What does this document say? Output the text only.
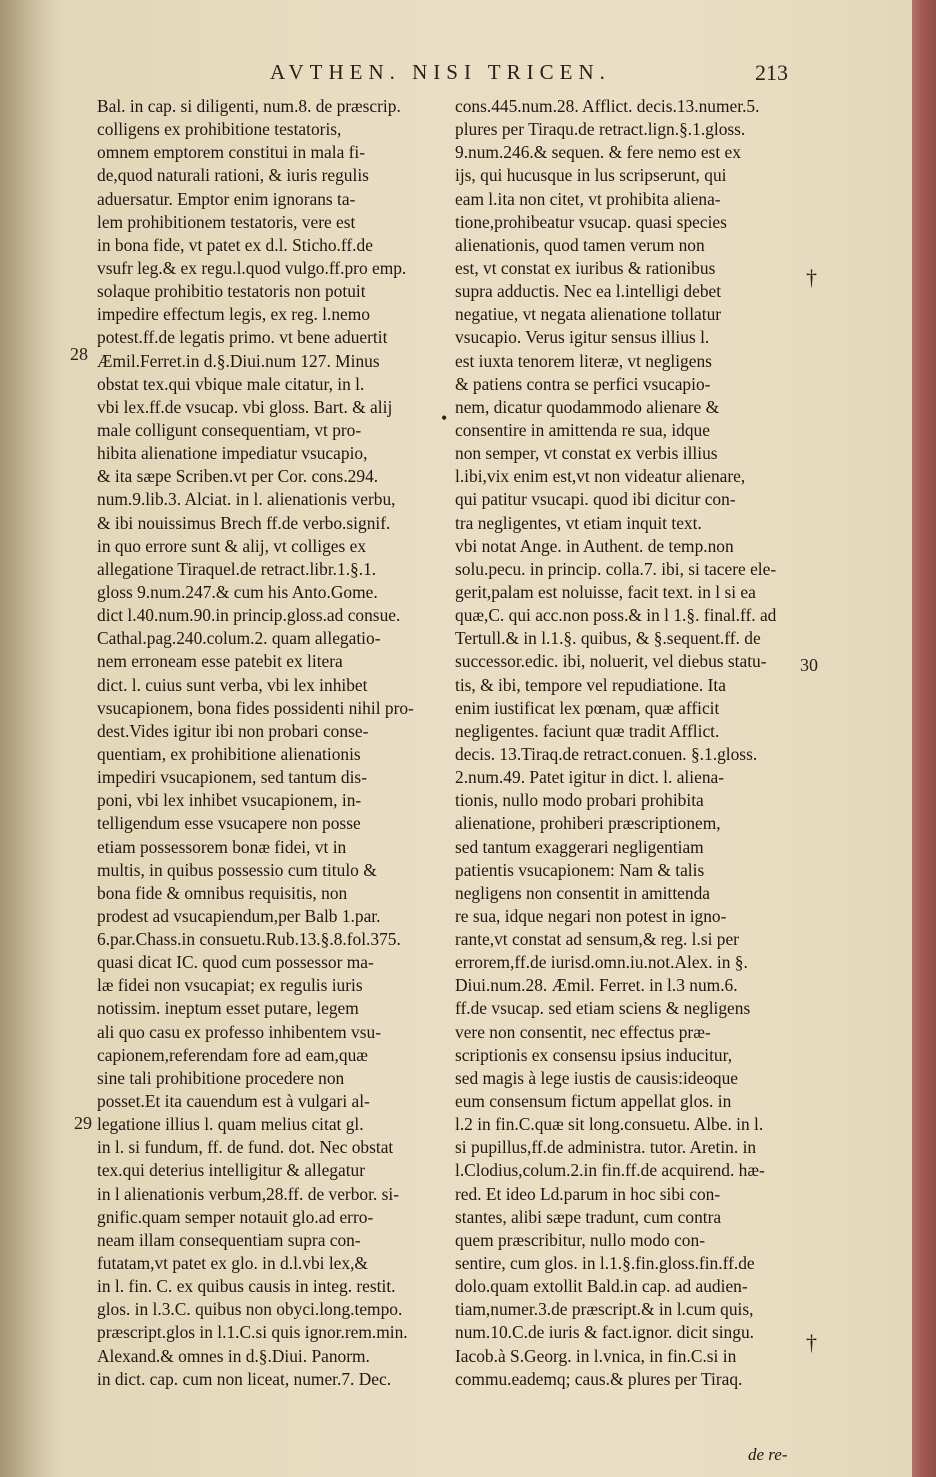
AVTHEN. NISI TRICEN.	213
Bal. in cap. si diligenti, num.8. de præscrip.
colligens ex prohibitione testatoris,
omnem emptorem constitui in mala fi-
de,quod naturali rationi, & iuris regulis
aduersatur. Emptor enim ignorans ta-
lem prohibitionem testatoris, vere est
in bona fide, vt patet ex d.l. Sticho.ff.de
vsufr leg.& ex regu.l.quod vulgo.ff.pro emp.
solaque prohibitio testatoris non potuit
impedire effectum legis, ex reg. l.nemo
potest.ff.de legatis primo. vt bene aduertit
Æmil.Ferret.in d.§.Diui.num 127. Minus
obstat tex.qui vbique male citatur, in l.
vbi lex.ff.de vsucap. vbi gloss. Bart. & alij
male colligunt consequentiam, vt pro-
hibita alienatione impediatur vsucapio,
& ita sæpe Scriben.vt per Cor. cons.294.
num.9.lib.3. Alciat. in l. alienationis verbu,
& ibi nouissimus Brech ff.de verbo.signif.
in quo errore sunt & alij, vt colliges ex
allegatione Tiraquel.de retract.libr.1.§.1.
gloss 9.num.247.& cum his Anto.Gome.
dict l.40.num.90.in princip.gloss.ad consue.
Cathal.pag.240.colum.2. quam allegatio-
nem erroneam esse patebit ex litera
dict. l. cuius sunt verba, vbi lex inhibet
vsucapionem, bona fides possidenti nihil pro-
dest.Vides igitur ibi non probari conse-
quentiam, ex prohibitione alienationis
impediri vsucapionem, sed tantum dis-
poni, vbi lex inhibet vsucapionem, in-
telligendum esse vsucapere non posse
etiam possessorem bonæ fidei, vt in
multis, in quibus possessio cum titulo &
bona fide & omnibus requisitis, non
prodest ad vsucapiendum,per Balb 1.par.
6.par.Chass.in consuetu.Rub.13.§.8.fol.375.
quasi dicat IC. quod cum possessor ma-
læ fidei non vsucapiat; ex regulis iuris
notissim. ineptum esset putare, legem
ali quo casu ex professo inhibentem vsu-
capionem,referendam fore ad eam,quæ
sine tali prohibitione procedere non
posset.Et ita cauendum est à vulgari al-
legatione illius l. quam melius citat gl.
in l. si fundum, ff. de fund. dot. Nec obstat
tex.qui deterius intelligitur & allegatur
in l alienationis verbum,28.ff. de verbor. si-
gnific.quam semper notauit glo.ad erro-
neam illam consequentiam supra con-
futatam,vt patet ex glo. in d.l.vbi lex,&
in l. fin. C. ex quibus causis in integ. restit.
glos. in l.3.C. quibus non obyci.long.tempo.
præscript.glos in l.1.C.si quis ignor.rem.min.
Alexand.& omnes in d.§.Diui. Panorm.
in dict. cap. cum non liceat, numer.7. Dec.
cons.445.num.28. Afflict. decis.13.numer.5.
plures per Tiraqu.de retract.lign.§.1.gloss.
9.num.246.& sequen. & fere nemo est ex
ijs, qui hucusque in lus scripserunt, qui
eam l.ita non citet, vt prohibita aliena-
tione,prohibeatur vsucap. quasi species
alienationis, quod tamen verum non
est, vt constat ex iuribus & rationibus
supra adductis. Nec ea l.intelligi debet
negatiue, vt negata alienatione tollatur
vsucapio. Verus igitur sensus illius l.
est iuxta tenorem literæ, vt negligens
& patiens contra se perfici vsucapio-
nem, dicatur quodammodo alienare &
consentire in amittenda re sua, idque
non semper, vt constat ex verbis illius
l.ibi,vix enim est,vt non videatur alienare,
qui patitur vsucapi. quod ibi dicitur con-
tra negligentes, vt etiam inquit text.
vbi notat Ange. in Authent. de temp.non
solu.pecu. in princip. colla.7. ibi, si tacere ele-
gerit,palam est noluisse, facit text. in l si ea
quæ,C. qui acc.non poss.& in l 1.§. final.ff. ad
Tertull.& in l.1.§. quibus, & §.sequent.ff. de
successor.edic. ibi, noluerit, vel diebus statu-
tis, & ibi, tempore vel repudiatione. Ita
enim iustificat lex pœnam, quæ afficit
negligentes. faciunt quæ tradit Afflict.
decis. 13.Tiraq.de retract.conuen. §.1.gloss.
2.num.49. Patet igitur in dict. l. aliena-
tionis, nullo modo probari prohibita
alienatione, prohiberi præscriptionem,
sed tantum exaggerari negligentiam
patientis vsucapionem: Nam & talis
negligens non consentit in amittenda
re sua, idque negari non potest in igno-
rante,vt constat ad sensum,& reg. l.si per
errorem,ff.de iurisd.omn.iu.not.Alex. in §.
Diui.num.28. Æmil. Ferret. in l.3 num.6.
ff.de vsucap. sed etiam sciens & negligens
vere non consentit, nec effectus præ-
scriptionis ex consensu ipsius inducitur,
sed magis à lege iustis de causis:ideoque
eum consensum fictum appellat glos. in
l.2 in fin.C.quæ sit long.consuetu. Albe. in l.
si pupillus,ff.de administra. tutor. Aretin. in
l.Clodius,colum.2.in fin.ff.de acquirend. hæ-
red. Et ideo Ld.parum in hoc sibi con-
stantes, alibi sæpe tradunt, cum contra
quem præscribitur, nullo modo con-
sentire, cum glos. in l.1.§.fin.gloss.fin.ff.de
dolo.quam extollit Bald.in cap. ad audien-
tiam,numer.3.de præscript.& in l.cum quis,
num.10.C.de iuris & fact.ignor. dicit singu.
Iacob.à S.Georg. in l.vnica, in fin.C.si in
commu.eademq; caus.& plures per Tiraq.
28
29
30
†
†
•
de re-
